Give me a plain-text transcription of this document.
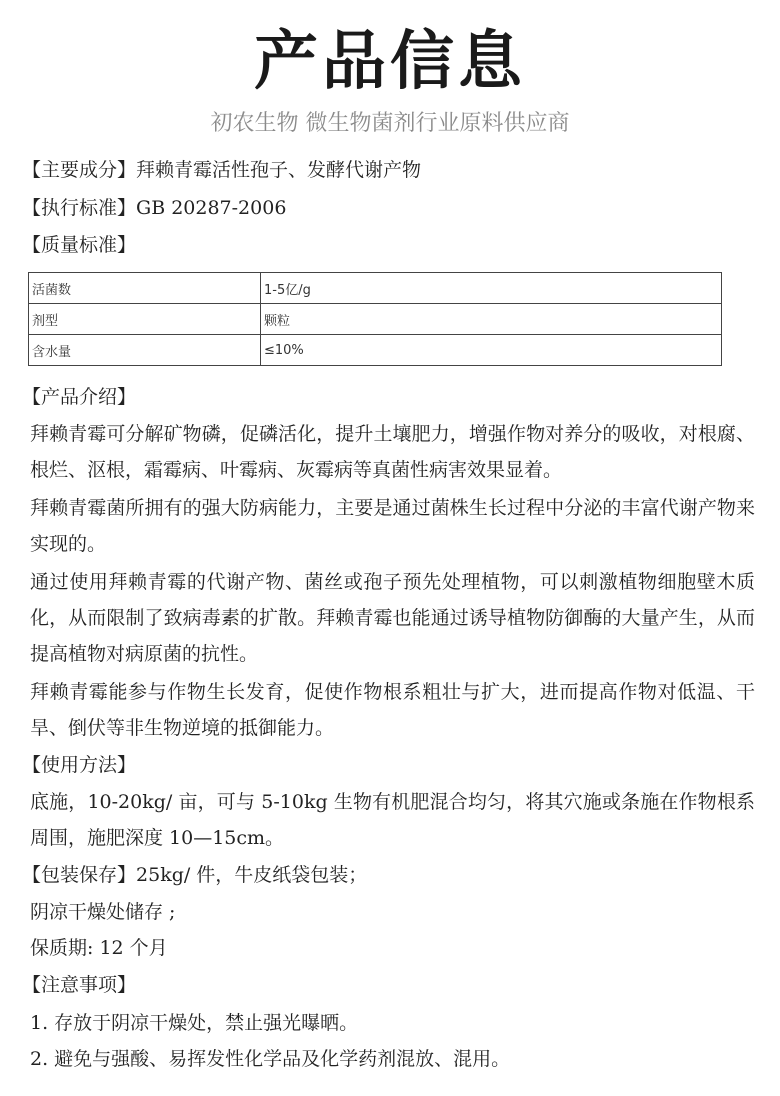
产品信息
初农生物 微生物菌剂行业原料供应商
【主要成分】拜赖青霉活性孢子、发酵代谢产物
【执行标准】GB 20287-2006
【质量标准】
活菌数	1-5亿/g
剂型	颗粒
含水量	≤10%
【产品介绍】
拜赖青霉可分解矿物磷，促磷活化，提升土壤肥力，增强作物对养分的吸收，对根腐、根烂、沤根，霜霉病、叶霉病、灰霉病等真菌性病害效果显着。
拜赖青霉菌所拥有的强大防病能力，主要是通过菌株生长过程中分泌的丰富代谢产物来实现的。
通过使用拜赖青霉的代谢产物、菌丝或孢子预先处理植物，可以刺激植物细胞壁木质化，从而限制了致病毒素的扩散。拜赖青霉也能通过诱导植物防御酶的大量产生，从而提高植物对病原菌的抗性。
拜赖青霉能参与作物生长发育，促使作物根系粗壮与扩大，进而提高作物对低温、干旱、倒伏等非生物逆境的抵御能力。
【使用方法】
底施，10-20kg/ 亩，可与 5-10kg 生物有机肥混合均匀，将其穴施或条施在作物根系周围，施肥深度 10—15cm。
【包装保存】25kg/ 件，牛皮纸袋包装；
阴凉干燥处储存 ;
保质期: 12 个月
【注意事项】
1. 存放于阴凉干燥处，禁止强光曝晒。
2. 避免与强酸、易挥发性化学品及化学药剂混放、混用。
